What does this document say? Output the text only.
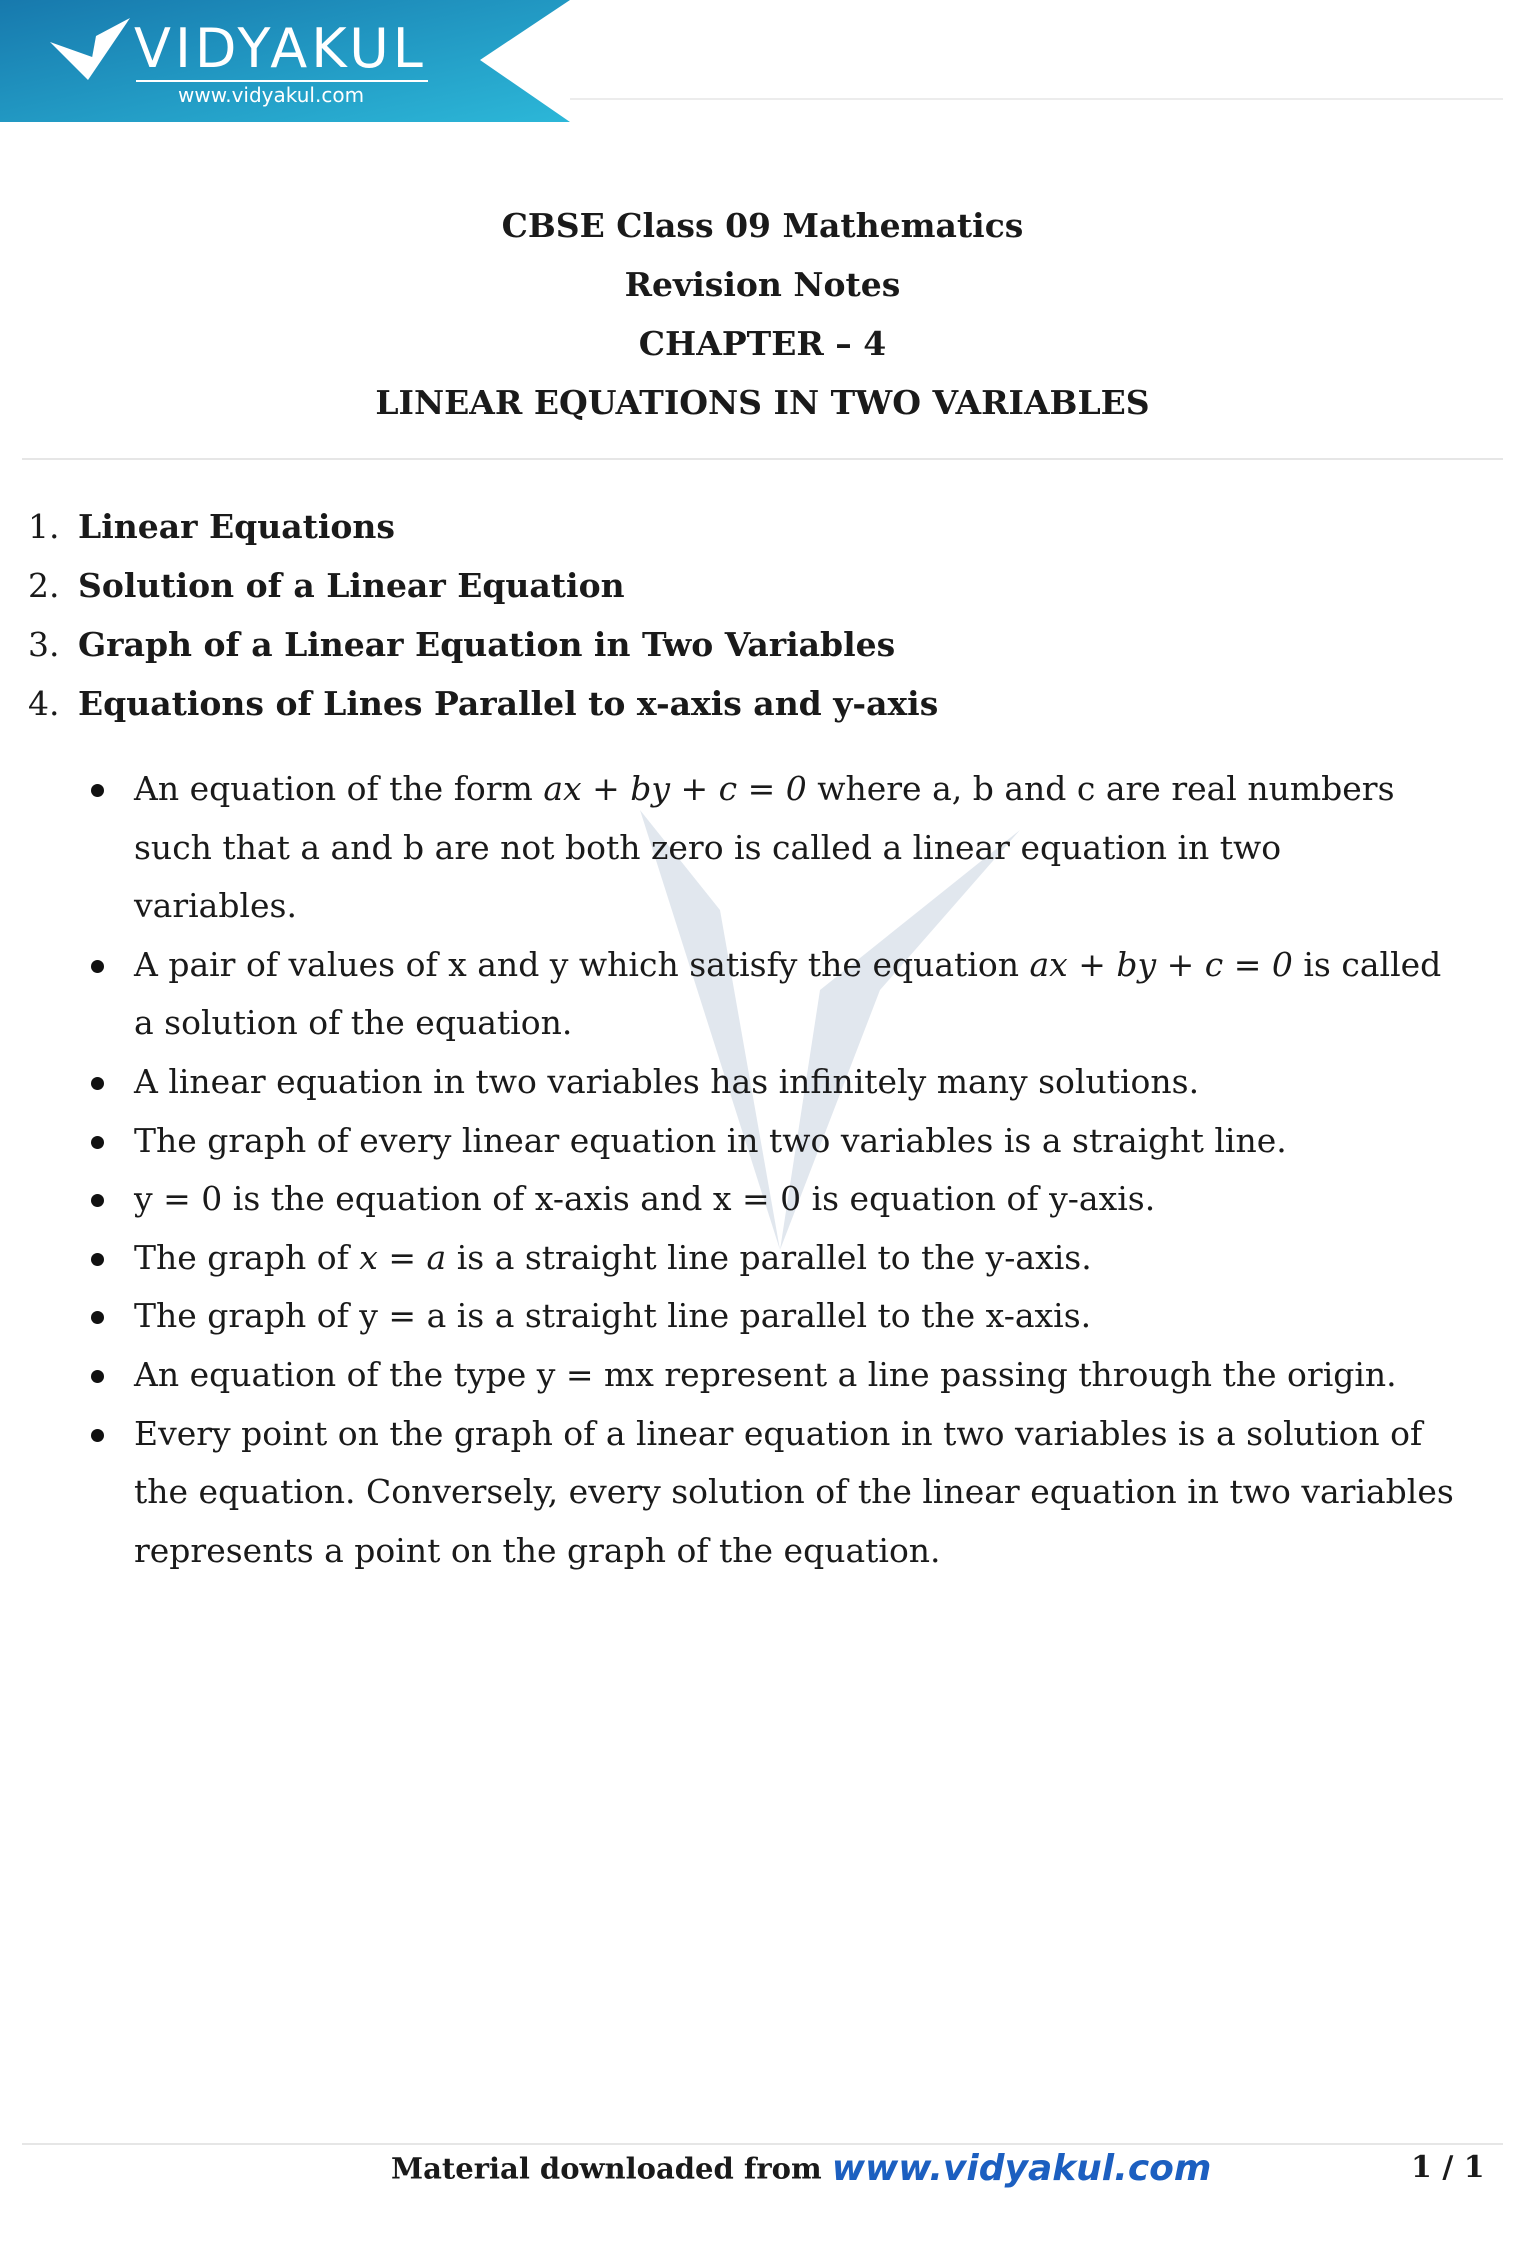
VIDYAKUL
www.vidyakul.com
CBSE Class 09 Mathematics
Revision Notes
CHAPTER – 4
LINEAR EQUATIONS IN TWO VARIABLES
1. Linear Equations
2. Solution of a Linear Equation
3. Graph of a Linear Equation in Two Variables
4. Equations of Lines Parallel to x-axis and y-axis
An equation of the form ax + by + c = 0 where a, b and c are real numbers such that a and b are not both zero is called a linear equation in two variables.
A pair of values of x and y which satisfy the equation ax + by + c = 0 is called a solution of the equation.
A linear equation in two variables has infinitely many solutions.
The graph of every linear equation in two variables is a straight line.
y = 0 is the equation of x-axis and x = 0 is equation of y-axis.
The graph of x = a is a straight line parallel to the y-axis.
The graph of y = a is a straight line parallel to the x-axis.
An equation of the type y = mx represent a line passing through the origin.
Every point on the graph of a linear equation in two variables is a solution of the equation. Conversely, every solution of the linear equation in two variables represents a point on the graph of the equation.
Material downloaded from www.vidyakul.com	1 / 1
